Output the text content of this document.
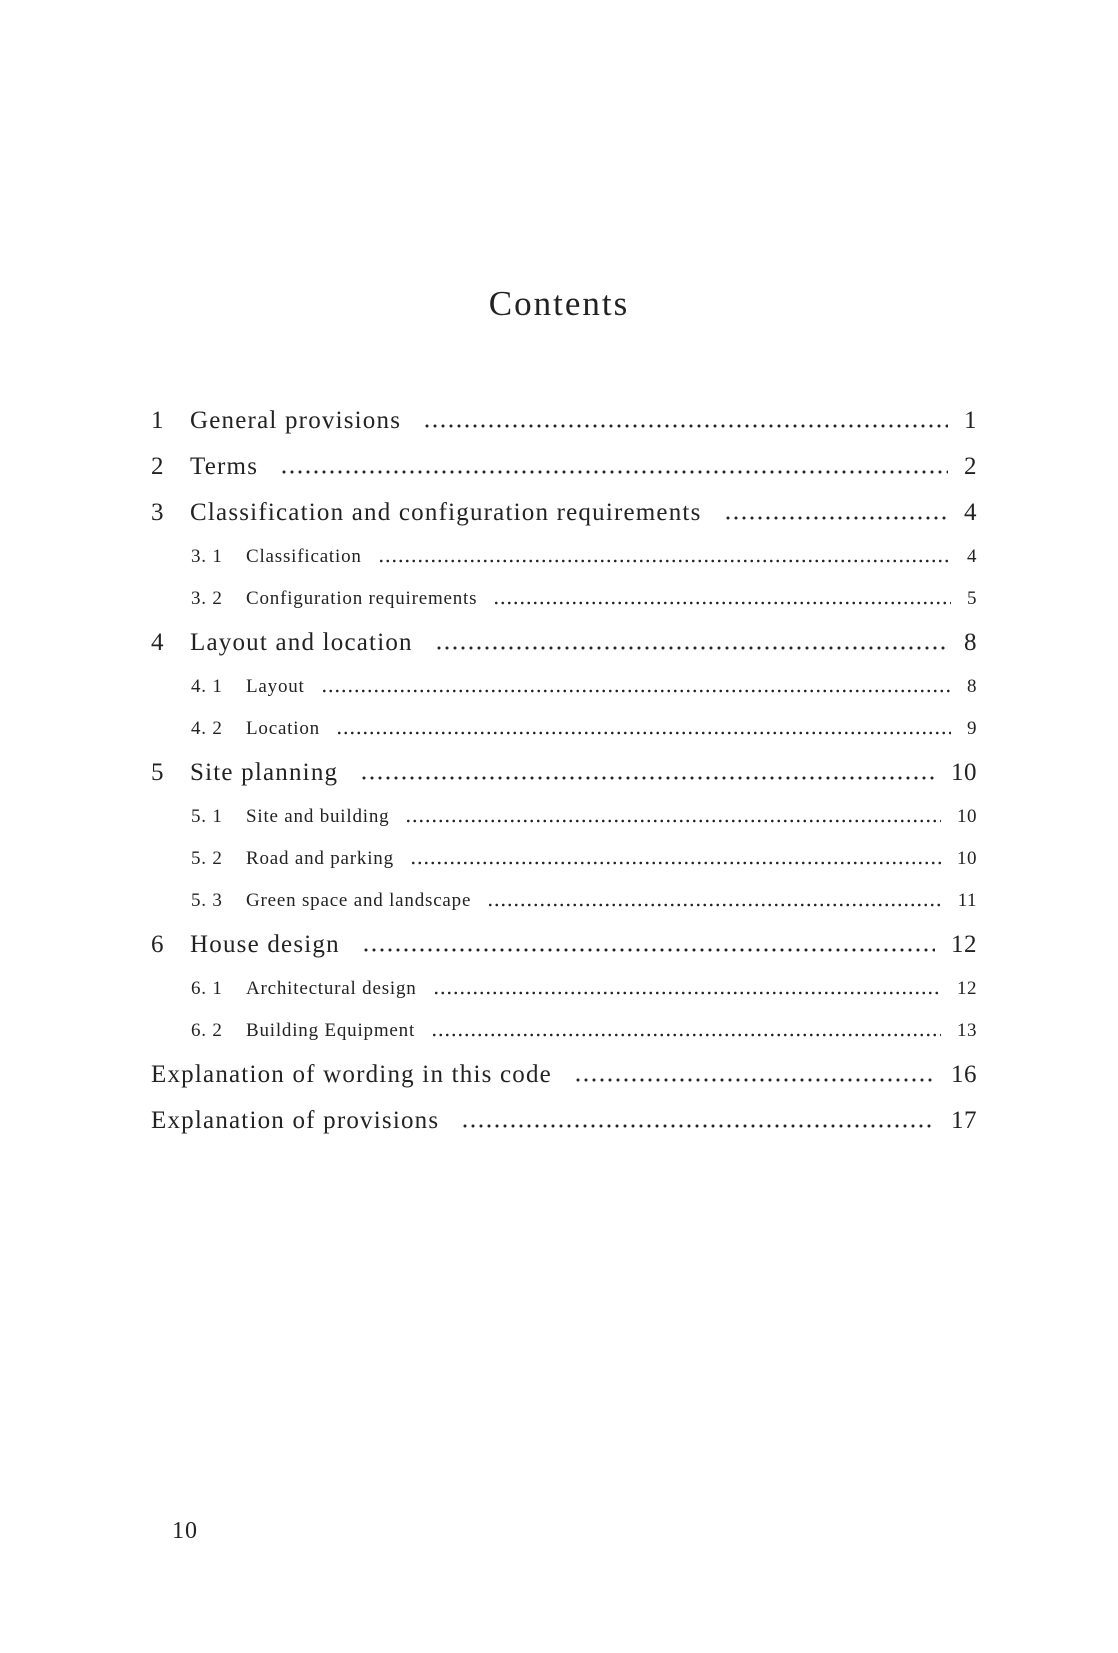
Contents
1	General provisions	1
2	Terms	2
3	Classification and configuration requirements	4
3. 1	Classification	4
3. 2	Configuration requirements	5
4	Layout and location	8
4. 1	Layout	8
4. 2	Location	9
5	Site planning	10
5. 1	Site and building	10
5. 2	Road and parking	10
5. 3	Green space and landscape	11
6	House design	12
6. 1	Architectural design	12
6. 2	Building Equipment	13
Explanation of wording in this code	16
Explanation of provisions	17
10
